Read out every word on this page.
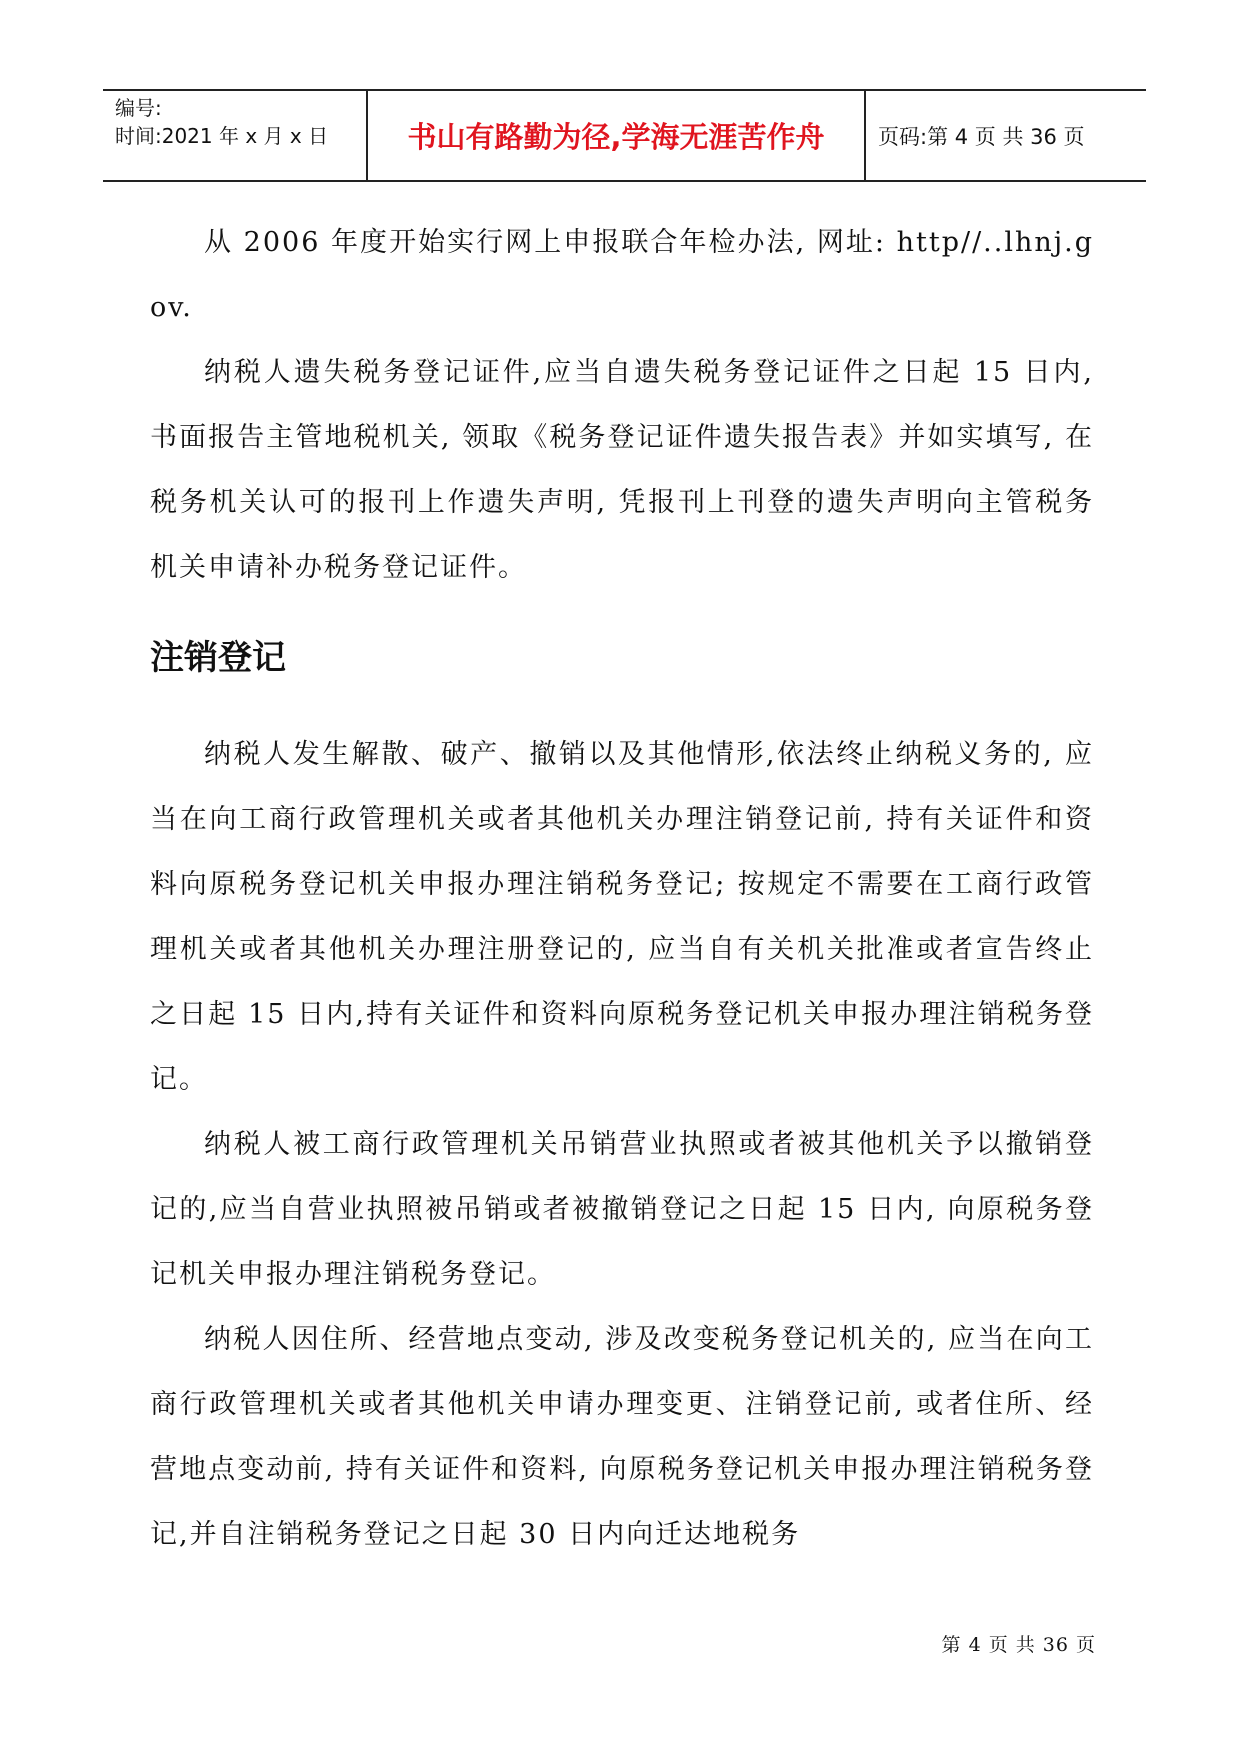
编号:
时间:2021 年 x 月 x 日	书山有路勤为径,学海无涯苦作舟	页码:第 4 页 共 36 页

从 2006 年度开始实行网上申报联合年检办法, 网址: http//..lhnj.gov.

纳税人遗失税务登记证件,应当自遗失税务登记证件之日起 15 日内, 书面报告主管地税机关, 领取《税务登记证件遗失报告表》并如实填写, 在税务机关认可的报刊上作遗失声明, 凭报刊上刊登的遗失声明向主管税务机关申请补办税务登记证件。

注销登记

纳税人发生解散、破产、撤销以及其他情形,依法终止纳税义务的, 应当在向工商行政管理机关或者其他机关办理注销登记前, 持有关证件和资料向原税务登记机关申报办理注销税务登记; 按规定不需要在工商行政管理机关或者其他机关办理注册登记的, 应当自有关机关批准或者宣告终止之日起 15 日内,持有关证件和资料向原税务登记机关申报办理注销税务登记。

纳税人被工商行政管理机关吊销营业执照或者被其他机关予以撤销登记的,应当自营业执照被吊销或者被撤销登记之日起 15 日内, 向原税务登记机关申报办理注销税务登记。

纳税人因住所、经营地点变动, 涉及改变税务登记机关的, 应当在向工商行政管理机关或者其他机关申请办理变更、注销登记前, 或者住所、经营地点变动前, 持有关证件和资料, 向原税务登记机关申报办理注销税务登记,并自注销税务登记之日起 30 日内向迁达地税务

第 4 页 共 36 页
